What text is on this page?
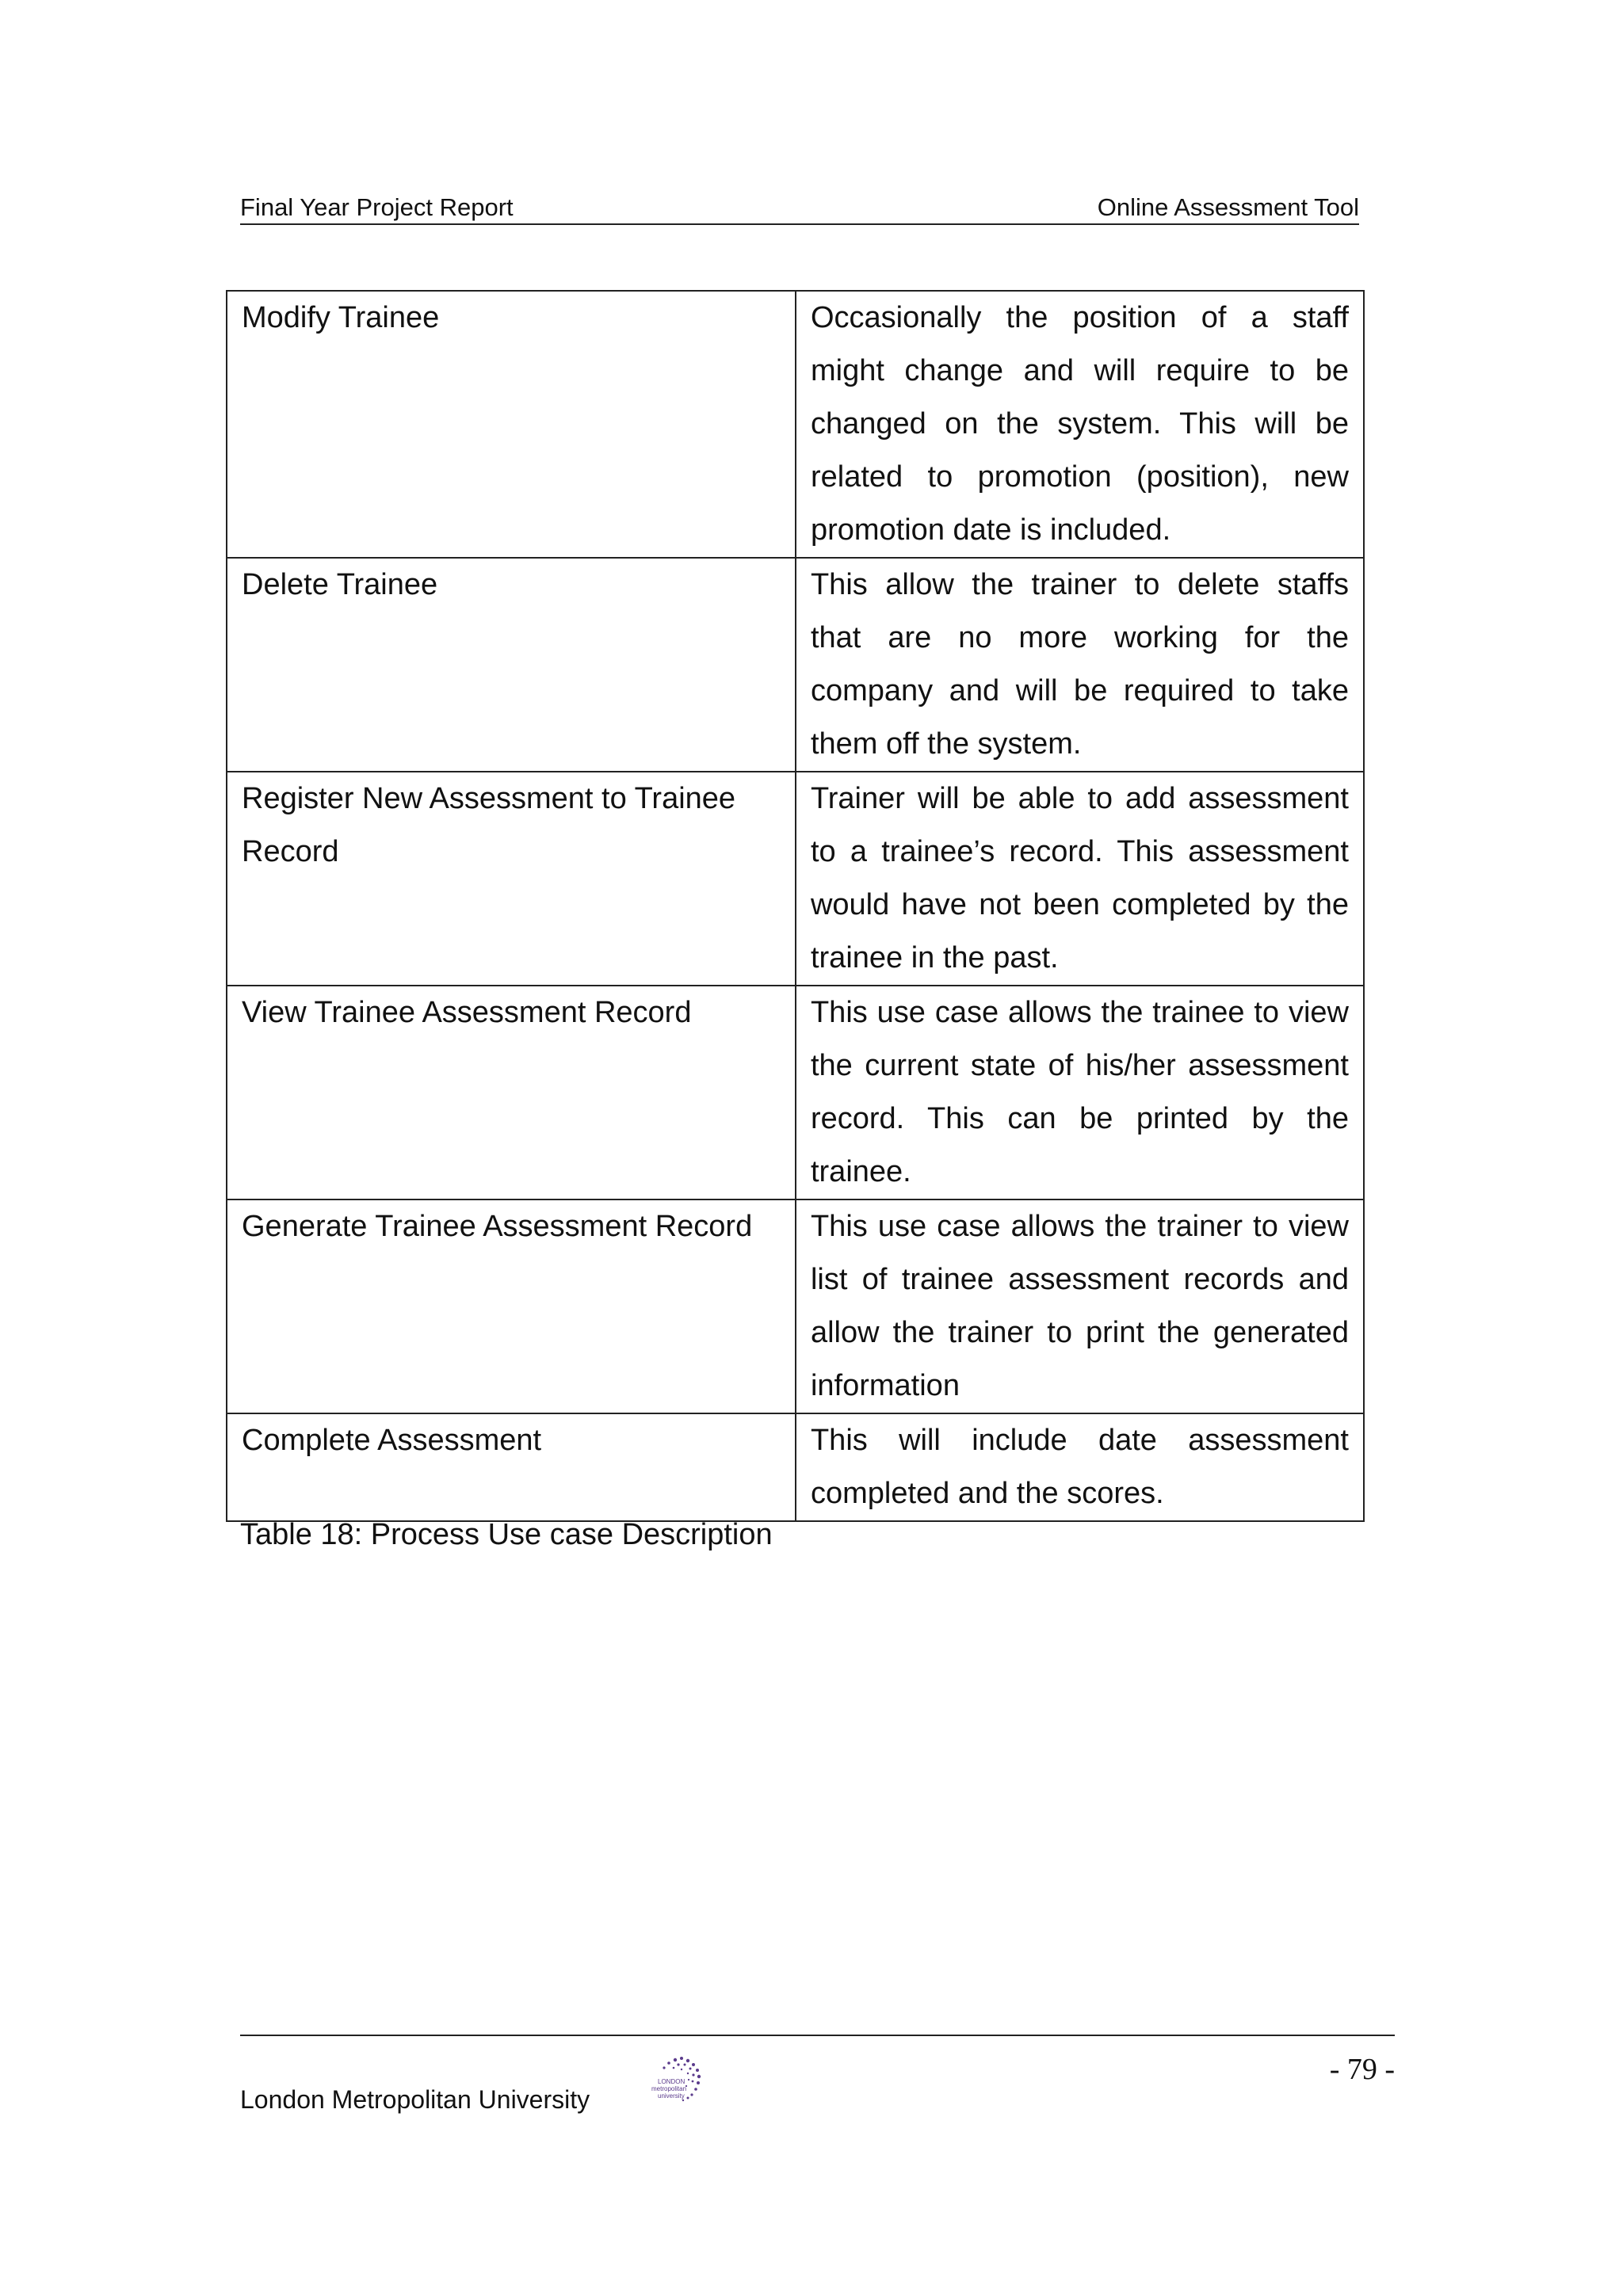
Final Year Project Report	Online Assessment Tool
Modify Trainee	Occasionally the position of a staff might change and will require to be changed on the system. This will be related to promotion (position), new promotion date is included.
Delete Trainee	This allow the trainer to delete staffs that are no more working for the company and will be required to take them off the system.
Register New Assessment to Trainee Record	Trainer will be able to add assessment to a trainee’s record. This assessment would have not been completed by the trainee in the past.
View Trainee Assessment Record	This use case allows the trainee to view the current state of his/her assessment record. This can be printed by the trainee.
Generate Trainee Assessment Record	This use case allows the trainer to view list of trainee assessment records and allow the trainer to print the generated information
Complete Assessment	This will include date assessment completed and the scores.
Table 18: Process Use case Description
- 79 -
London Metropolitan University
LONDON
metropolitan
university
